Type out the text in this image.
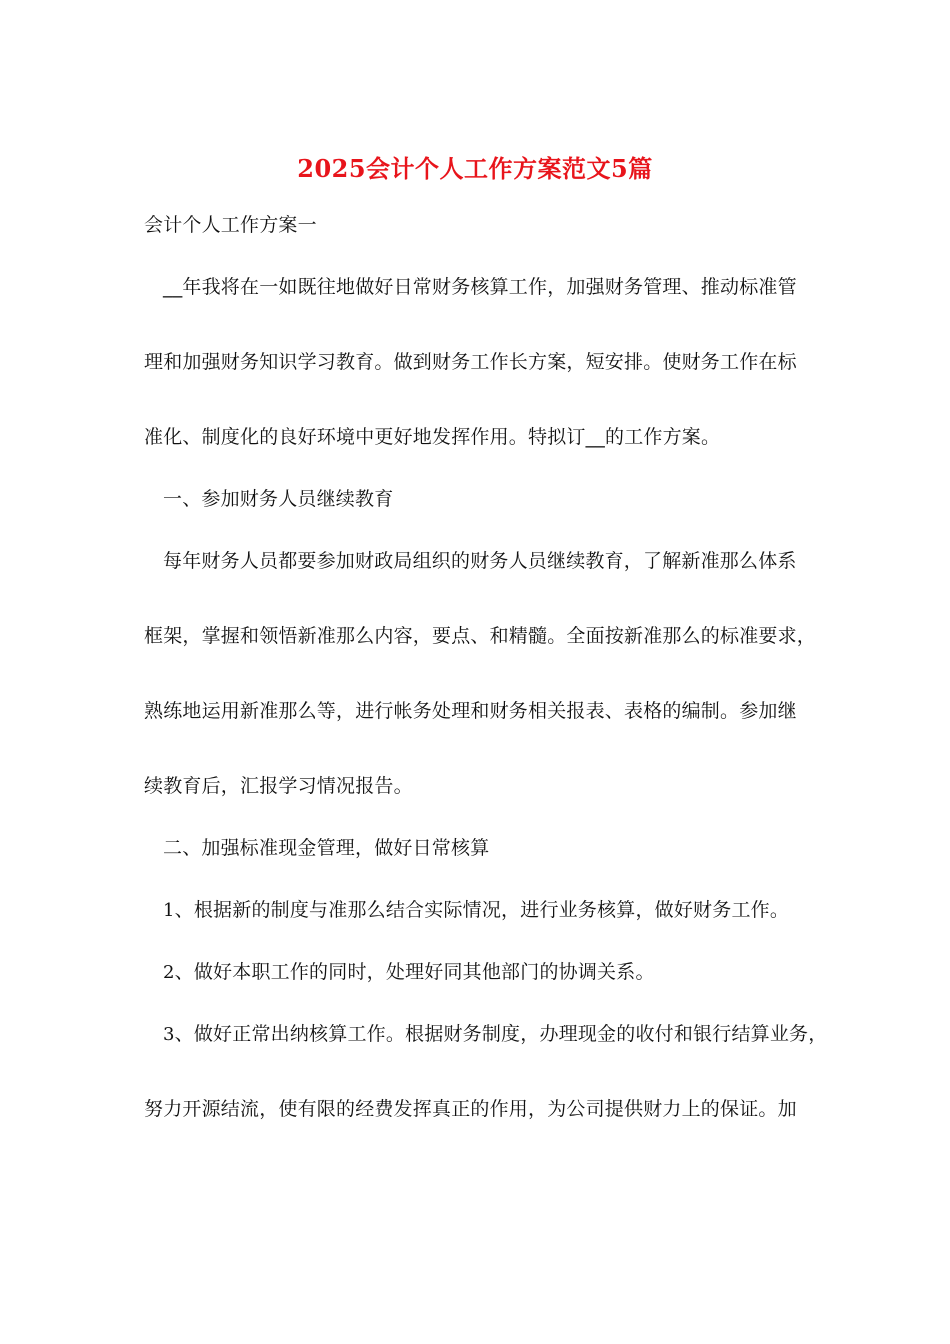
2025会计个人工作方案范文5篇
会计个人工作方案一
__年我将在一如既往地做好日常财务核算工作，加强财务管理、推动标准管
理和加强财务知识学习教育。做到财务工作长方案，短安排。使财务工作在标
准化、制度化的良好环境中更好地发挥作用。特拟订__的工作方案。
一、参加财务人员继续教育
每年财务人员都要参加财政局组织的财务人员继续教育，了解新准那么体系
框架，掌握和领悟新准那么内容，要点、和精髓。全面按新准那么的标准要求，
熟练地运用新准那么等，进行帐务处理和财务相关报表、表格的编制。参加继
续教育后，汇报学习情况报告。
二、加强标准现金管理，做好日常核算
1、根据新的制度与准那么结合实际情况，进行业务核算，做好财务工作。
2、做好本职工作的同时，处理好同其他部门的协调关系。
3、做好正常出纳核算工作。根据财务制度，办理现金的收付和银行结算业务，
努力开源结流，使有限的经费发挥真正的作用，为公司提供财力上的保证。加
